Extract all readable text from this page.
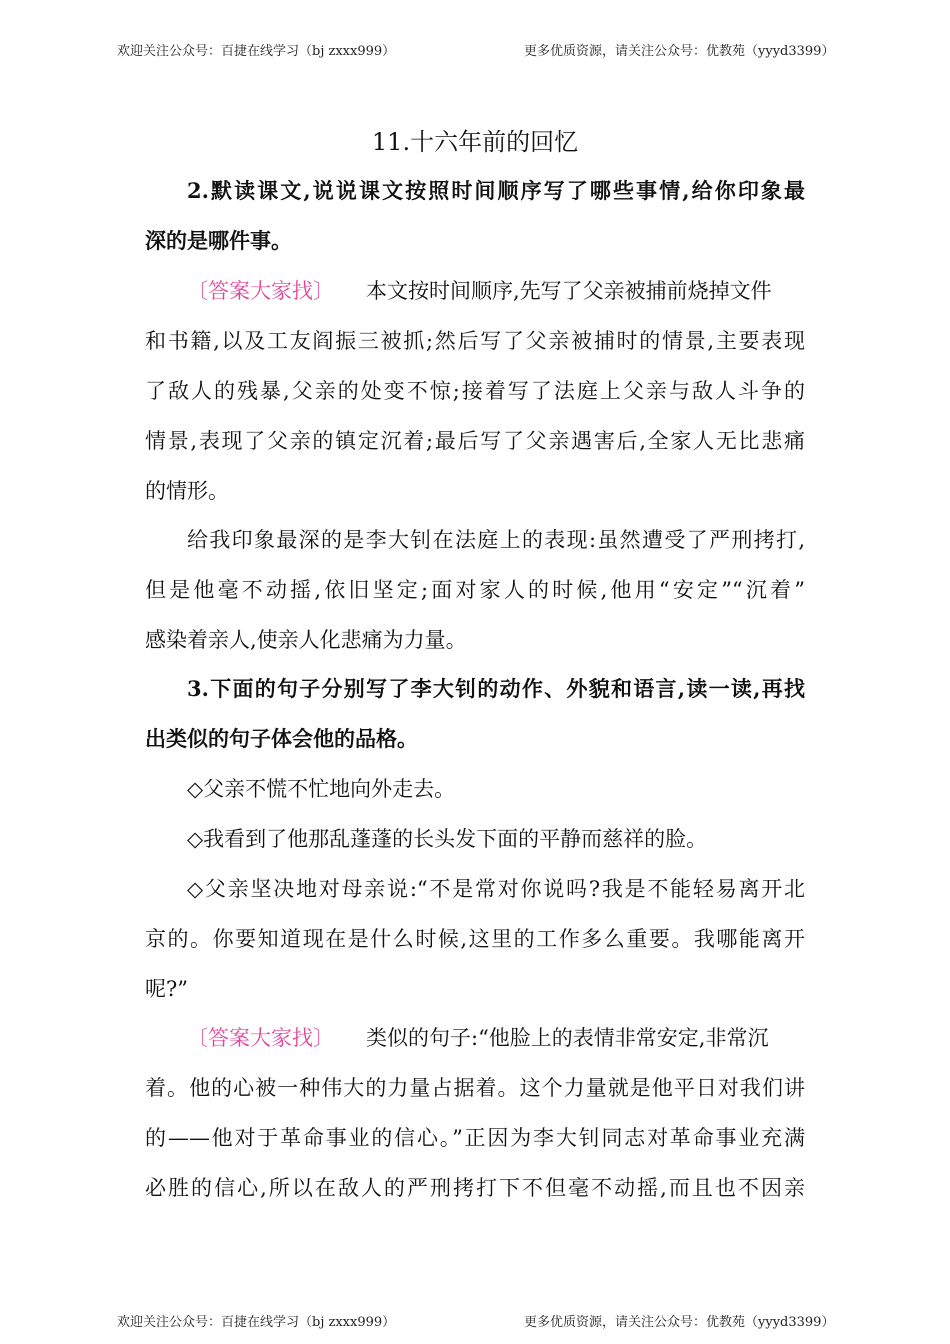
欢迎关注公众号：百捷在线学习（bj zxxx999）	更多优质资源，请关注公众号：优教苑（yyyd3399）
11.十六年前的回忆
2.默读课文,说说课文按照时间顺序写了哪些事情,给你印象最
深的是哪件事。
〔答案大家找〕 本文按时间顺序,先写了父亲被捕前烧掉文件
和书籍,以及工友阎振三被抓;然后写了父亲被捕时的情景,主要表现
了敌人的残暴,父亲的处变不惊;接着写了法庭上父亲与敌人斗争的
情景,表现了父亲的镇定沉着;最后写了父亲遇害后,全家人无比悲痛
的情形。
给我印象最深的是李大钊在法庭上的表现:虽然遭受了严刑拷打,
但是他毫不动摇,依旧坚定;面对家人的时候,他用“安定”“沉着”
感染着亲人,使亲人化悲痛为力量。
3.下面的句子分别写了李大钊的动作、外貌和语言,读一读,再找
出类似的句子体会他的品格。
◇父亲不慌不忙地向外走去。
◇我看到了他那乱蓬蓬的长头发下面的平静而慈祥的脸。
◇父亲坚决地对母亲说:“不是常对你说吗?我是不能轻易离开北
京的。你要知道现在是什么时候,这里的工作多么重要。我哪能离开
呢?”
〔答案大家找〕 类似的句子:“他脸上的表情非常安定,非常沉
着。他的心被一种伟大的力量占据着。这个力量就是他平日对我们讲
的——他对于革命事业的信心。”正因为李大钊同志对革命事业充满
必胜的信心,所以在敌人的严刑拷打下不但毫不动摇,而且也不因亲
欢迎关注公众号：百捷在线学习（bj zxxx999）	更多优质资源，请关注公众号：优教苑（yyyd3399）
